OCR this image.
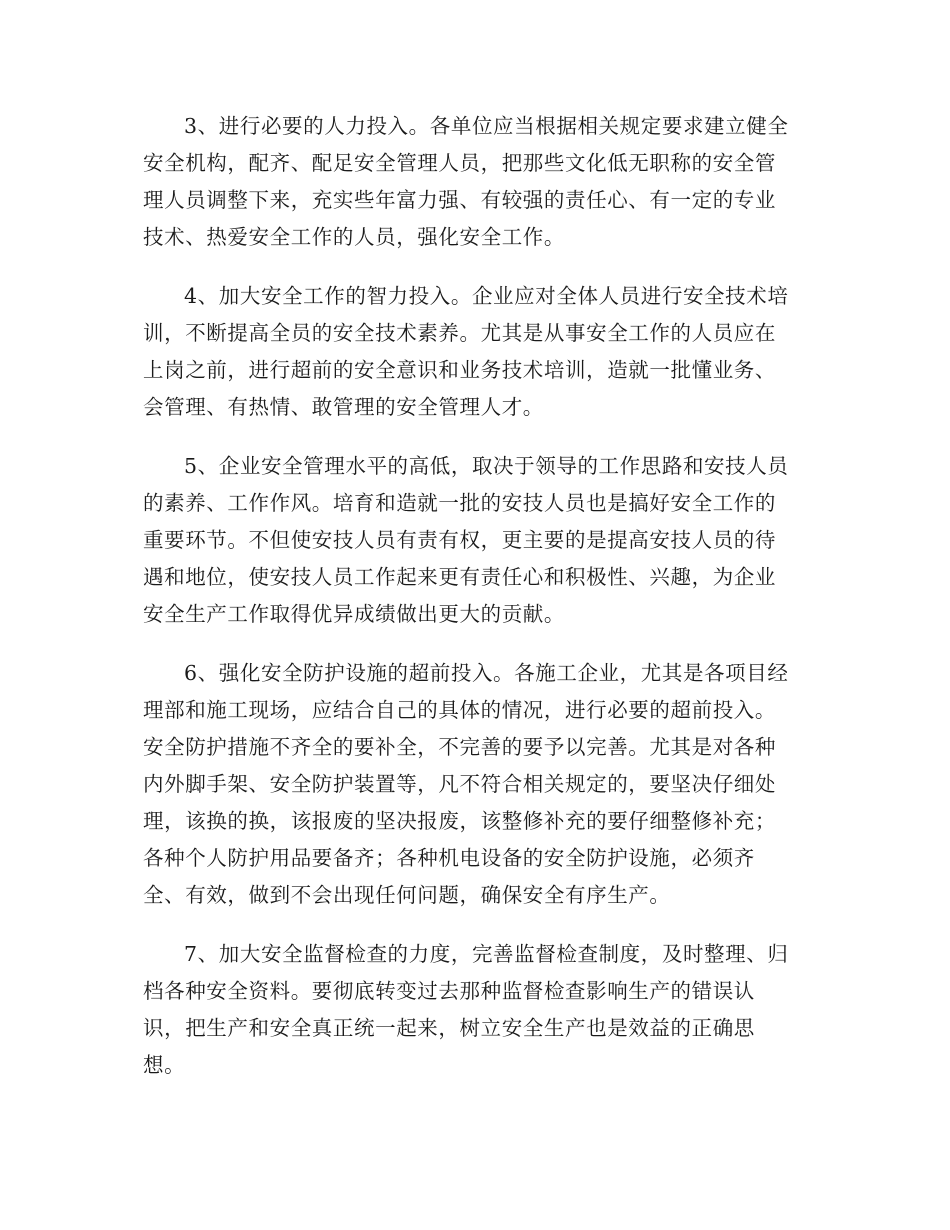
3、进行必要的人力投入。各单位应当根据相关规定要求建立健全
安全机构，配齐、配足安全管理人员，把那些文化低无职称的安全管
理人员调整下来，充实些年富力强、有较强的责任心、有一定的专业
技术、热爱安全工作的人员，强化安全工作。

4、加大安全工作的智力投入。企业应对全体人员进行安全技术培
训，不断提高全员的安全技术素养。尤其是从事安全工作的人员应在
上岗之前，进行超前的安全意识和业务技术培训，造就一批懂业务、
会管理、有热情、敢管理的安全管理人才。

5、企业安全管理水平的高低，取决于领导的工作思路和安技人员
的素养、工作作风。培育和造就一批的安技人员也是搞好安全工作的
重要环节。不但使安技人员有责有权，更主要的是提高安技人员的待
遇和地位，使安技人员工作起来更有责任心和积极性、兴趣，为企业
安全生产工作取得优异成绩做出更大的贡献。

6、强化安全防护设施的超前投入。各施工企业，尤其是各项目经
理部和施工现场，应结合自己的具体的情况，进行必要的超前投入。
安全防护措施不齐全的要补全，不完善的要予以完善。尤其是对各种
内外脚手架、安全防护装置等，凡不符合相关规定的，要坚决仔细处
理，该换的换，该报废的坚决报废，该整修补充的要仔细整修补充；
各种个人防护用品要备齐；各种机电设备的安全防护设施，必须齐
全、有效，做到不会出现任何问题，确保安全有序生产。

7、加大安全监督检查的力度，完善监督检查制度，及时整理、归
档各种安全资料。要彻底转变过去那种监督检查影响生产的错误认
识，把生产和安全真正统一起来，树立安全生产也是效益的正确思
想。
